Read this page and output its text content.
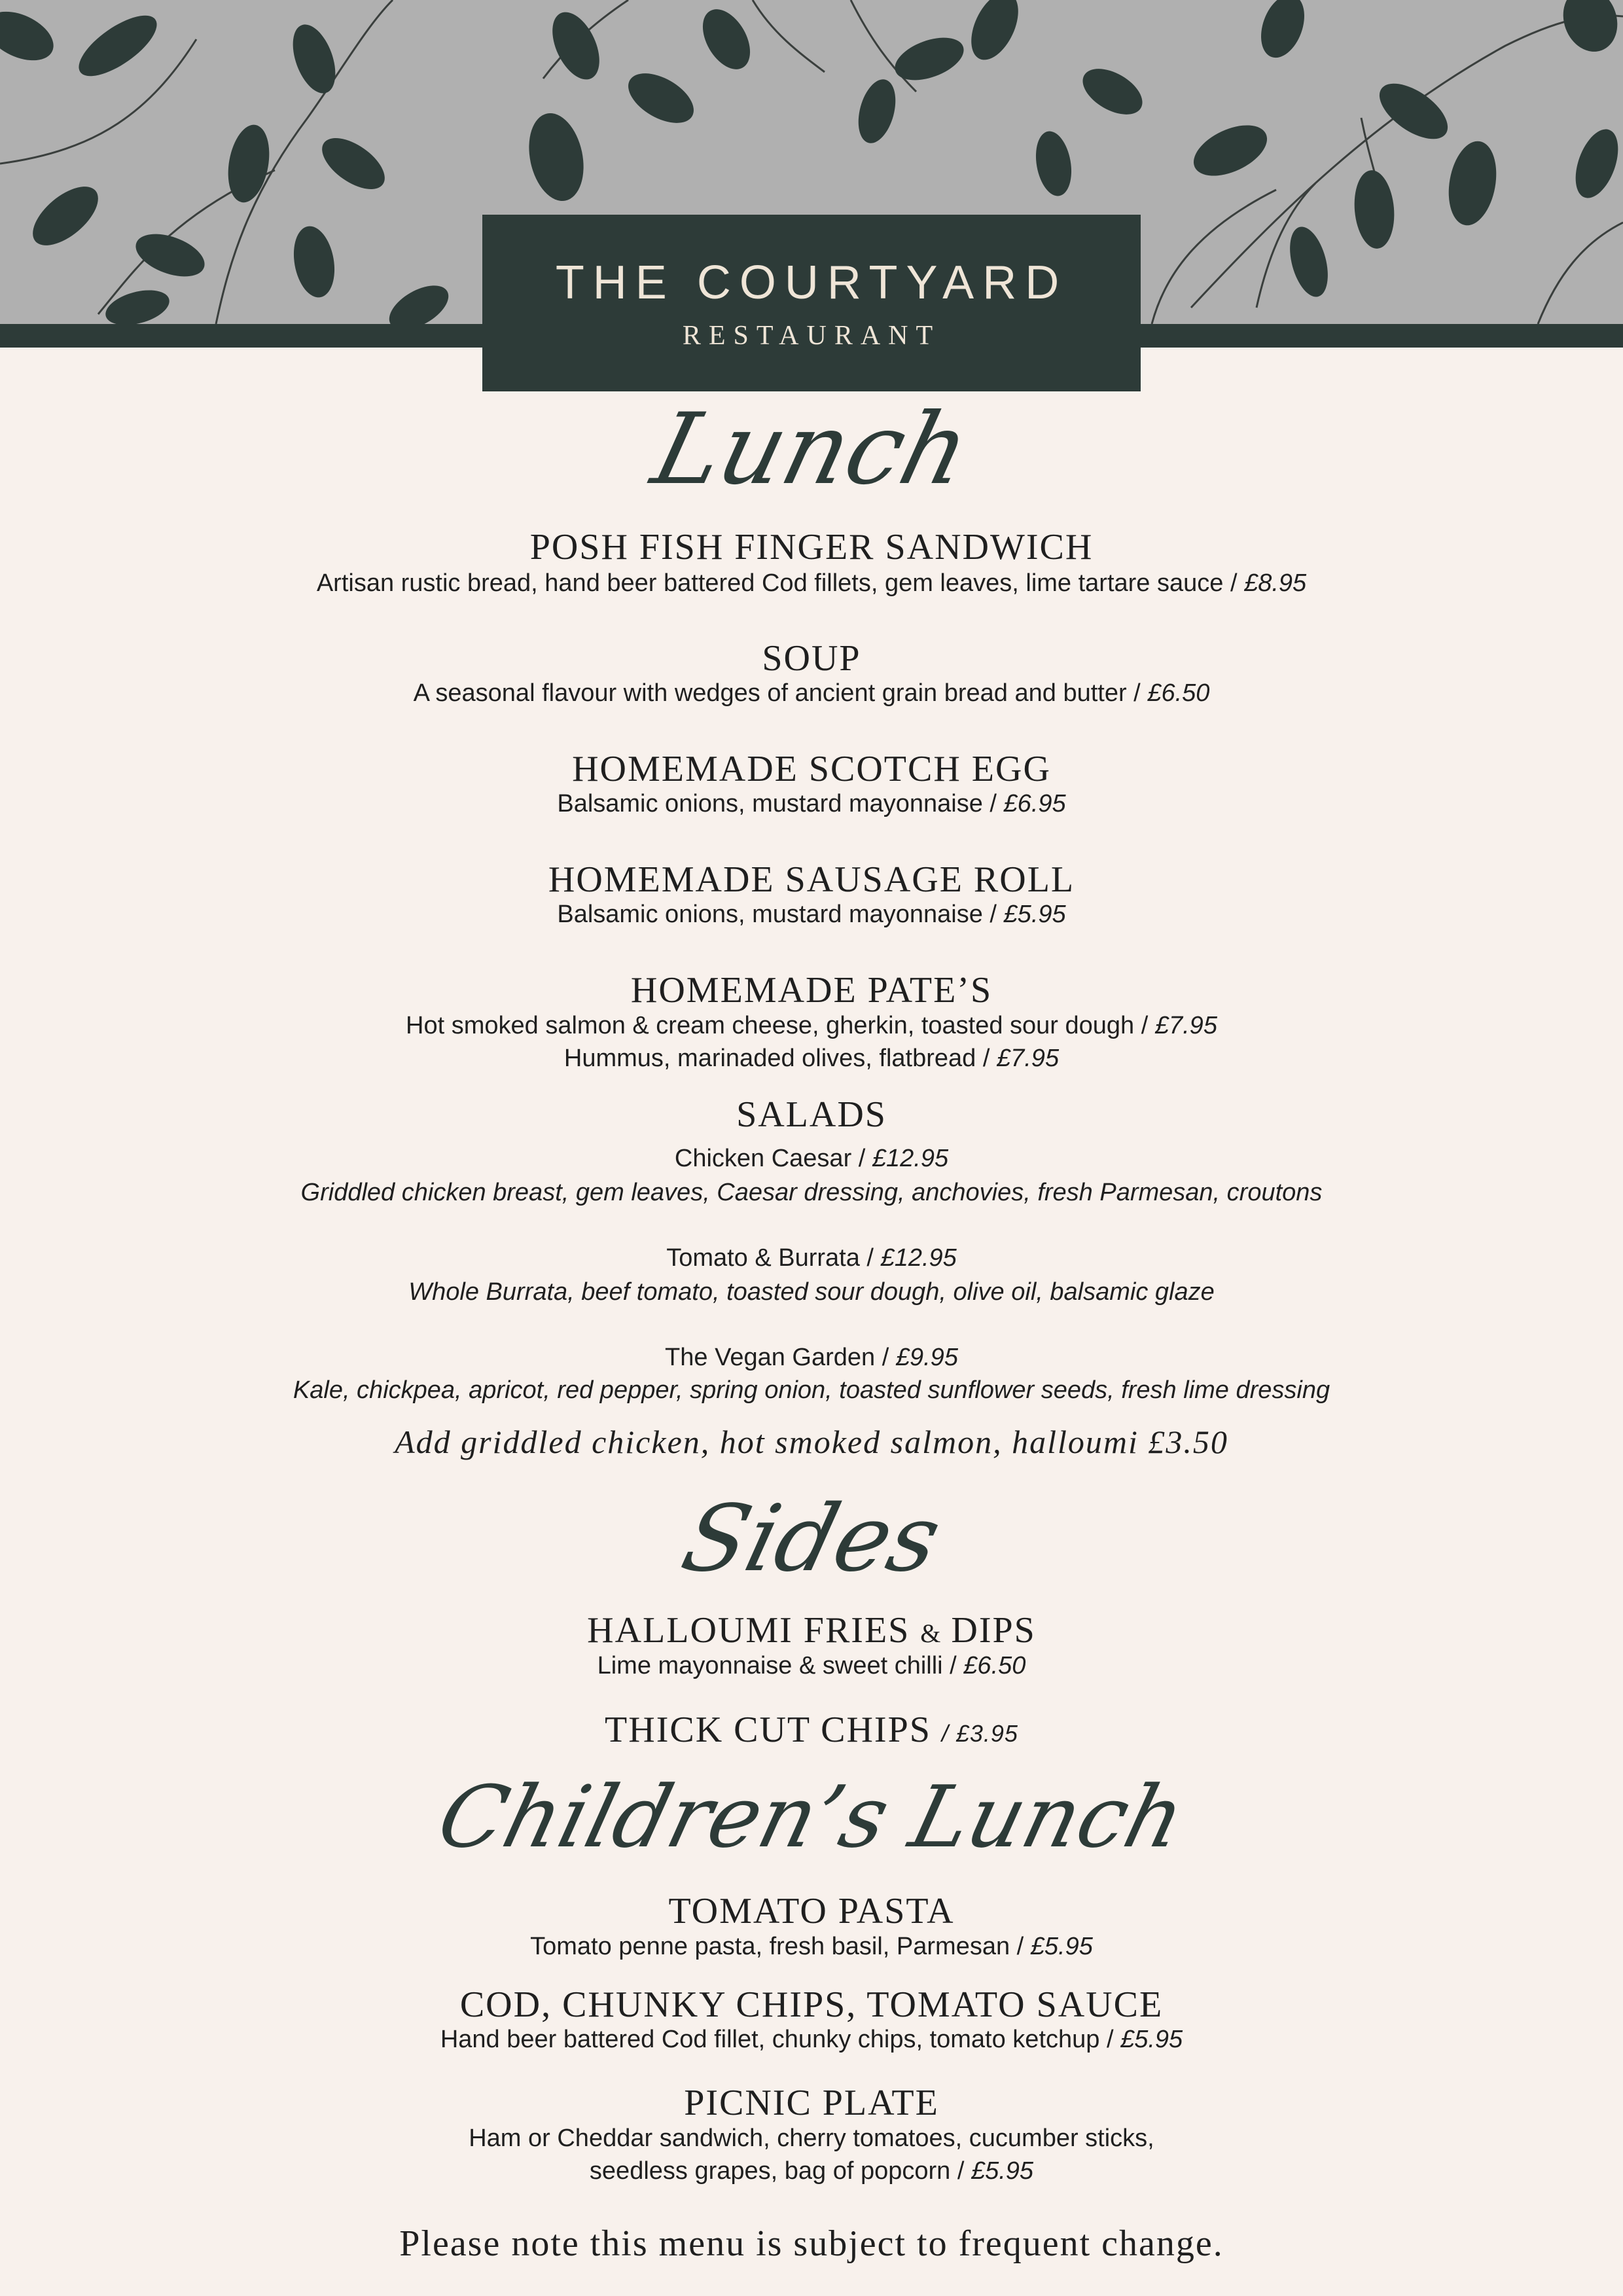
THE COURTYARD
RESTAURANT
Lunch
POSH FISH FINGER SANDWICH
Artisan rustic bread, hand beer battered Cod fillets, gem leaves, lime tartare sauce / £8.95
SOUP
A seasonal flavour with wedges of ancient grain bread and butter / £6.50
HOMEMADE SCOTCH EGG
Balsamic onions, mustard mayonnaise / £6.95
HOMEMADE SAUSAGE ROLL
Balsamic onions, mustard mayonnaise / £5.95
HOMEMADE PATE’S
Hot smoked salmon & cream cheese, gherkin, toasted sour dough / £7.95
Hummus, marinaded olives, flatbread / £7.95
SALADS
Chicken Caesar / £12.95
Griddled chicken breast, gem leaves, Caesar dressing, anchovies, fresh Parmesan, croutons
Tomato & Burrata / £12.95
Whole Burrata, beef tomato, toasted sour dough, olive oil, balsamic glaze
The Vegan Garden / £9.95
Kale, chickpea, apricot, red pepper, spring onion, toasted sunflower seeds, fresh lime dressing
Add griddled chicken, hot smoked salmon, halloumi £3.50
Sides
HALLOUMI FRIES & DIPS
Lime mayonnaise & sweet chilli / £6.50
THICK CUT CHIPS / £3.95
Children’s Lunch
TOMATO PASTA
Tomato penne pasta, fresh basil, Parmesan / £5.95
COD, CHUNKY CHIPS, TOMATO SAUCE
Hand beer battered Cod fillet, chunky chips, tomato ketchup / £5.95
PICNIC PLATE
Ham or Cheddar sandwich, cherry tomatoes, cucumber sticks,
seedless grapes, bag of popcorn / £5.95
Please note this menu is subject to frequent change.
